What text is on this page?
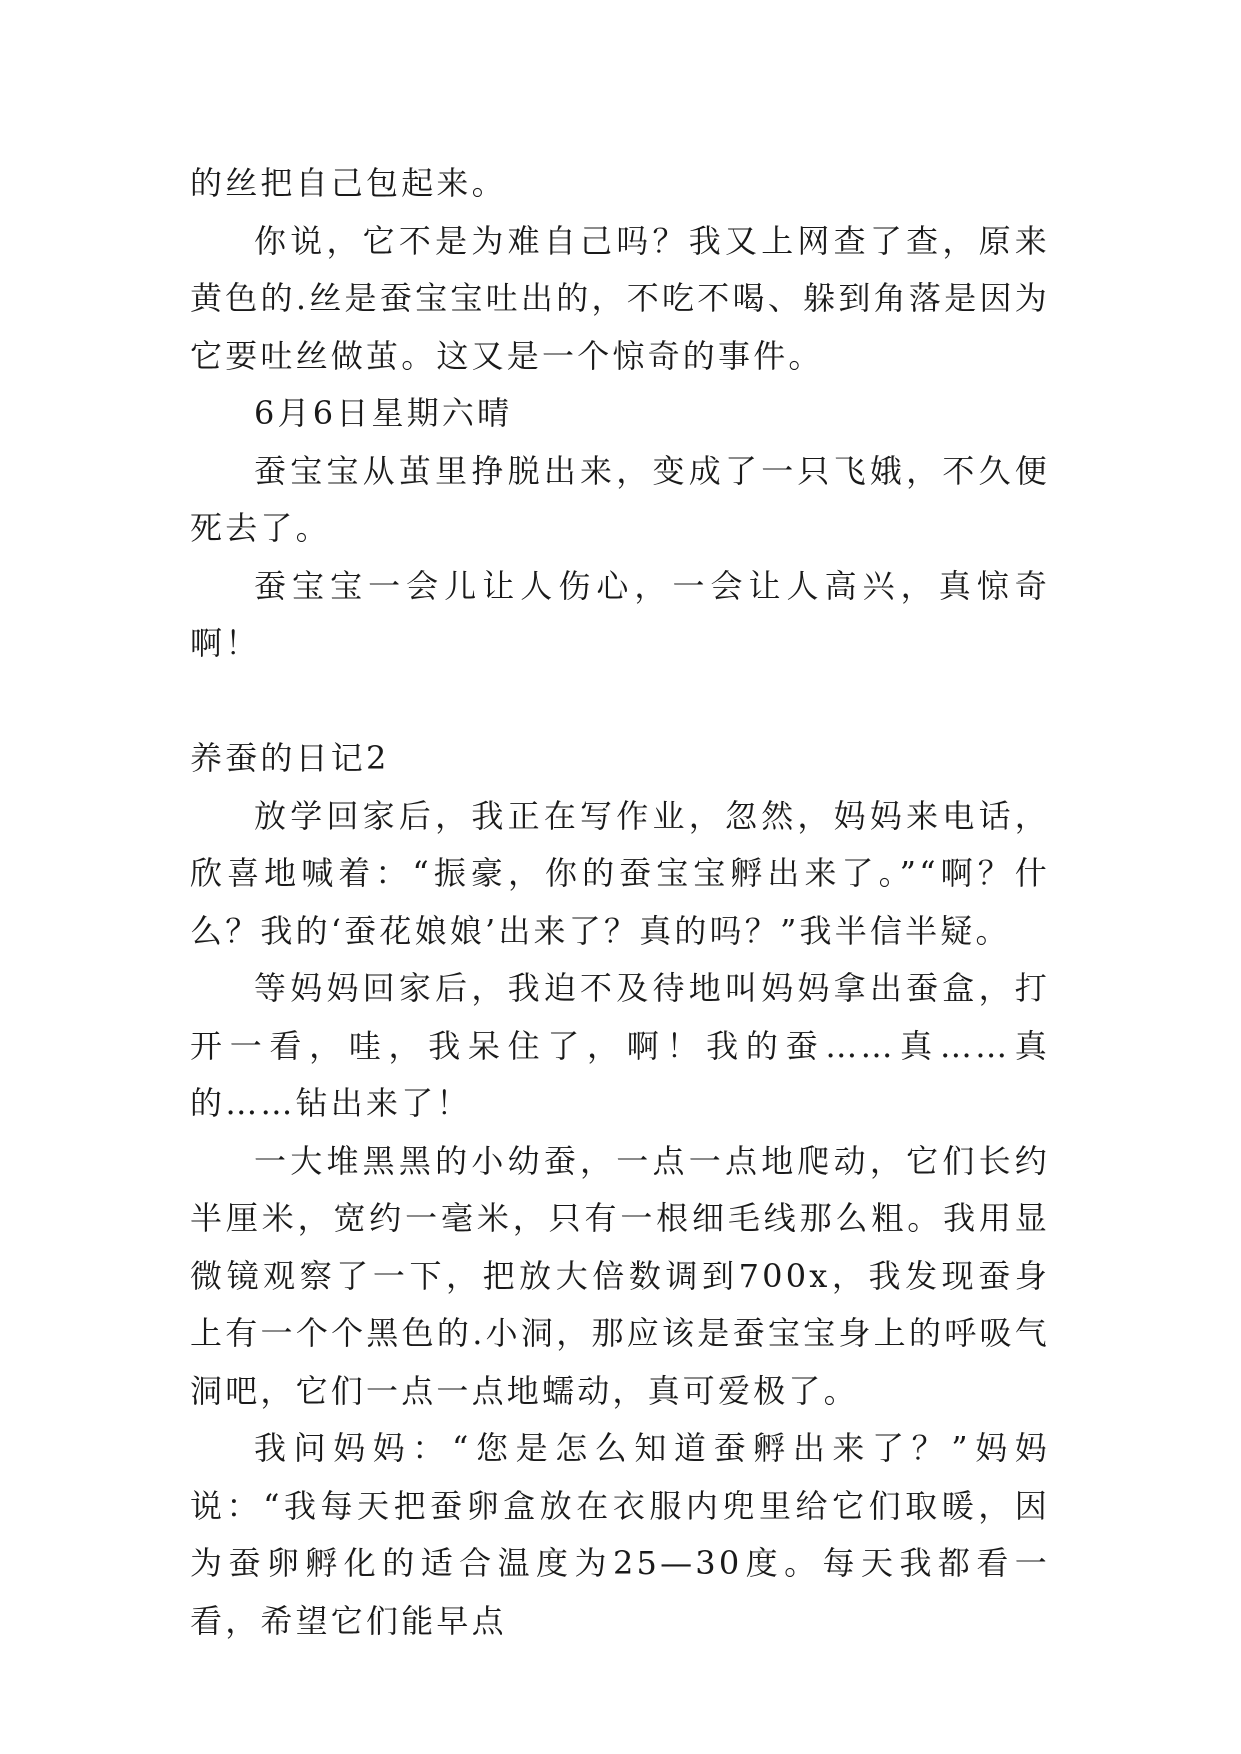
的丝把自己包起来。

你说，它不是为难自己吗？我又上网查了查，原来黄色的.丝是蚕宝宝吐出的，不吃不喝、躲到角落是因为它要吐丝做茧。这又是一个惊奇的事件。

6月6日星期六晴

蚕宝宝从茧里挣脱出来，变成了一只飞娥，不久便死去了。

蚕宝宝一会儿让人伤心，一会让人高兴，真惊奇啊！

养蚕的日记2

放学回家后，我正在写作业，忽然，妈妈来电话，欣喜地喊着：“振豪，你的蚕宝宝孵出来了。”“啊？什么？我的‘蚕花娘娘’出来了？真的吗？”我半信半疑。

等妈妈回家后，我迫不及待地叫妈妈拿出蚕盒，打开一看，哇，我呆住了，啊！我的蚕……真……真的……钻出来了！

一大堆黑黑的小幼蚕，一点一点地爬动，它们长约半厘米，宽约一毫米，只有一根细毛线那么粗。我用显微镜观察了一下，把放大倍数调到700x，我发现蚕身上有一个个黑色的.小洞，那应该是蚕宝宝身上的呼吸气洞吧，它们一点一点地蠕动，真可爱极了。

我问妈妈：“您是怎么知道蚕孵出来了？”妈妈说：“我每天把蚕卵盒放在衣服内兜里给它们取暖，因为蚕卵孵化的适合温度为25—30度。每天我都看一看，希望它们能早点
